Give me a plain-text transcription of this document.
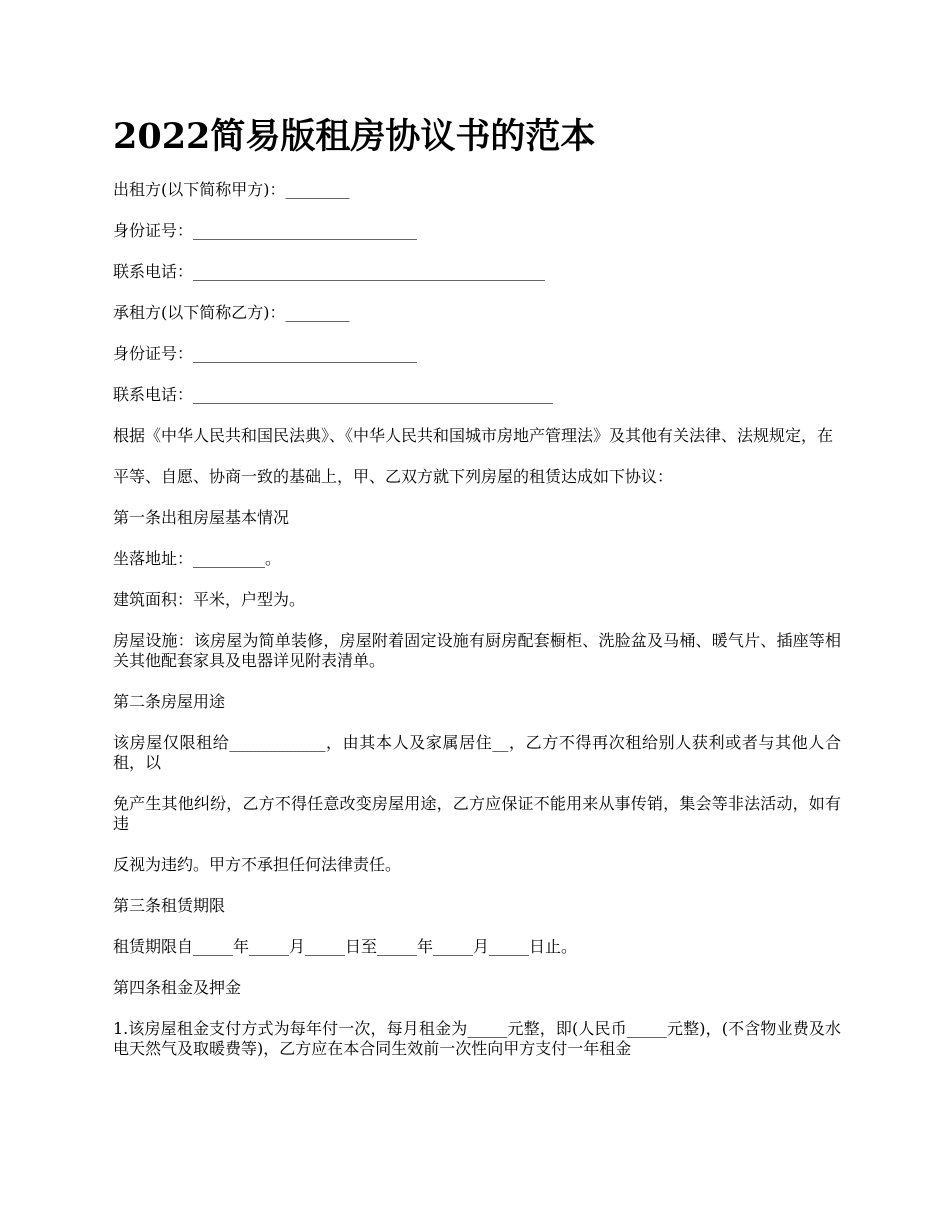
2022简易版租房协议书的范本

出租方(以下简称甲方)：________

身份证号：____________________________

联系电话：____________________________________________

承租方(以下简称乙方)：________

身份证号：____________________________

联系电话：_____________________________________________

根据《中华人民共和国民法典》、《中华人民共和国城市房地产管理法》及其他有关法律、法规规定，在

平等、自愿、协商一致的基础上，甲、乙双方就下列房屋的租赁达成如下协议：

第一条出租房屋基本情况

坐落地址：_________。

建筑面积：平米，户型为。

房屋设施：该房屋为简单装修，房屋附着固定设施有厨房配套橱柜、洗脸盆及马桶、暖气片、插座等相关其他配套家具及电器详见附表清单。

第二条房屋用途

该房屋仅限租给____________，由其本人及家属居住__，乙方不得再次租给别人获利或者与其他人合租，以

免产生其他纠纷，乙方不得任意改变房屋用途，乙方应保证不能用来从事传销，集会等非法活动，如有违

反视为违约。甲方不承担任何法律责任。

第三条租赁期限

租赁期限自_____年_____月_____日至_____年_____月_____日止。

第四条租金及押金

1.该房屋租金支付方式为每年付一次，每月租金为_____元整，即(人民币_____元整)，(不含物业费及水电天然气及取暖费等)，乙方应在本合同生效前一次性向甲方支付一年租金
